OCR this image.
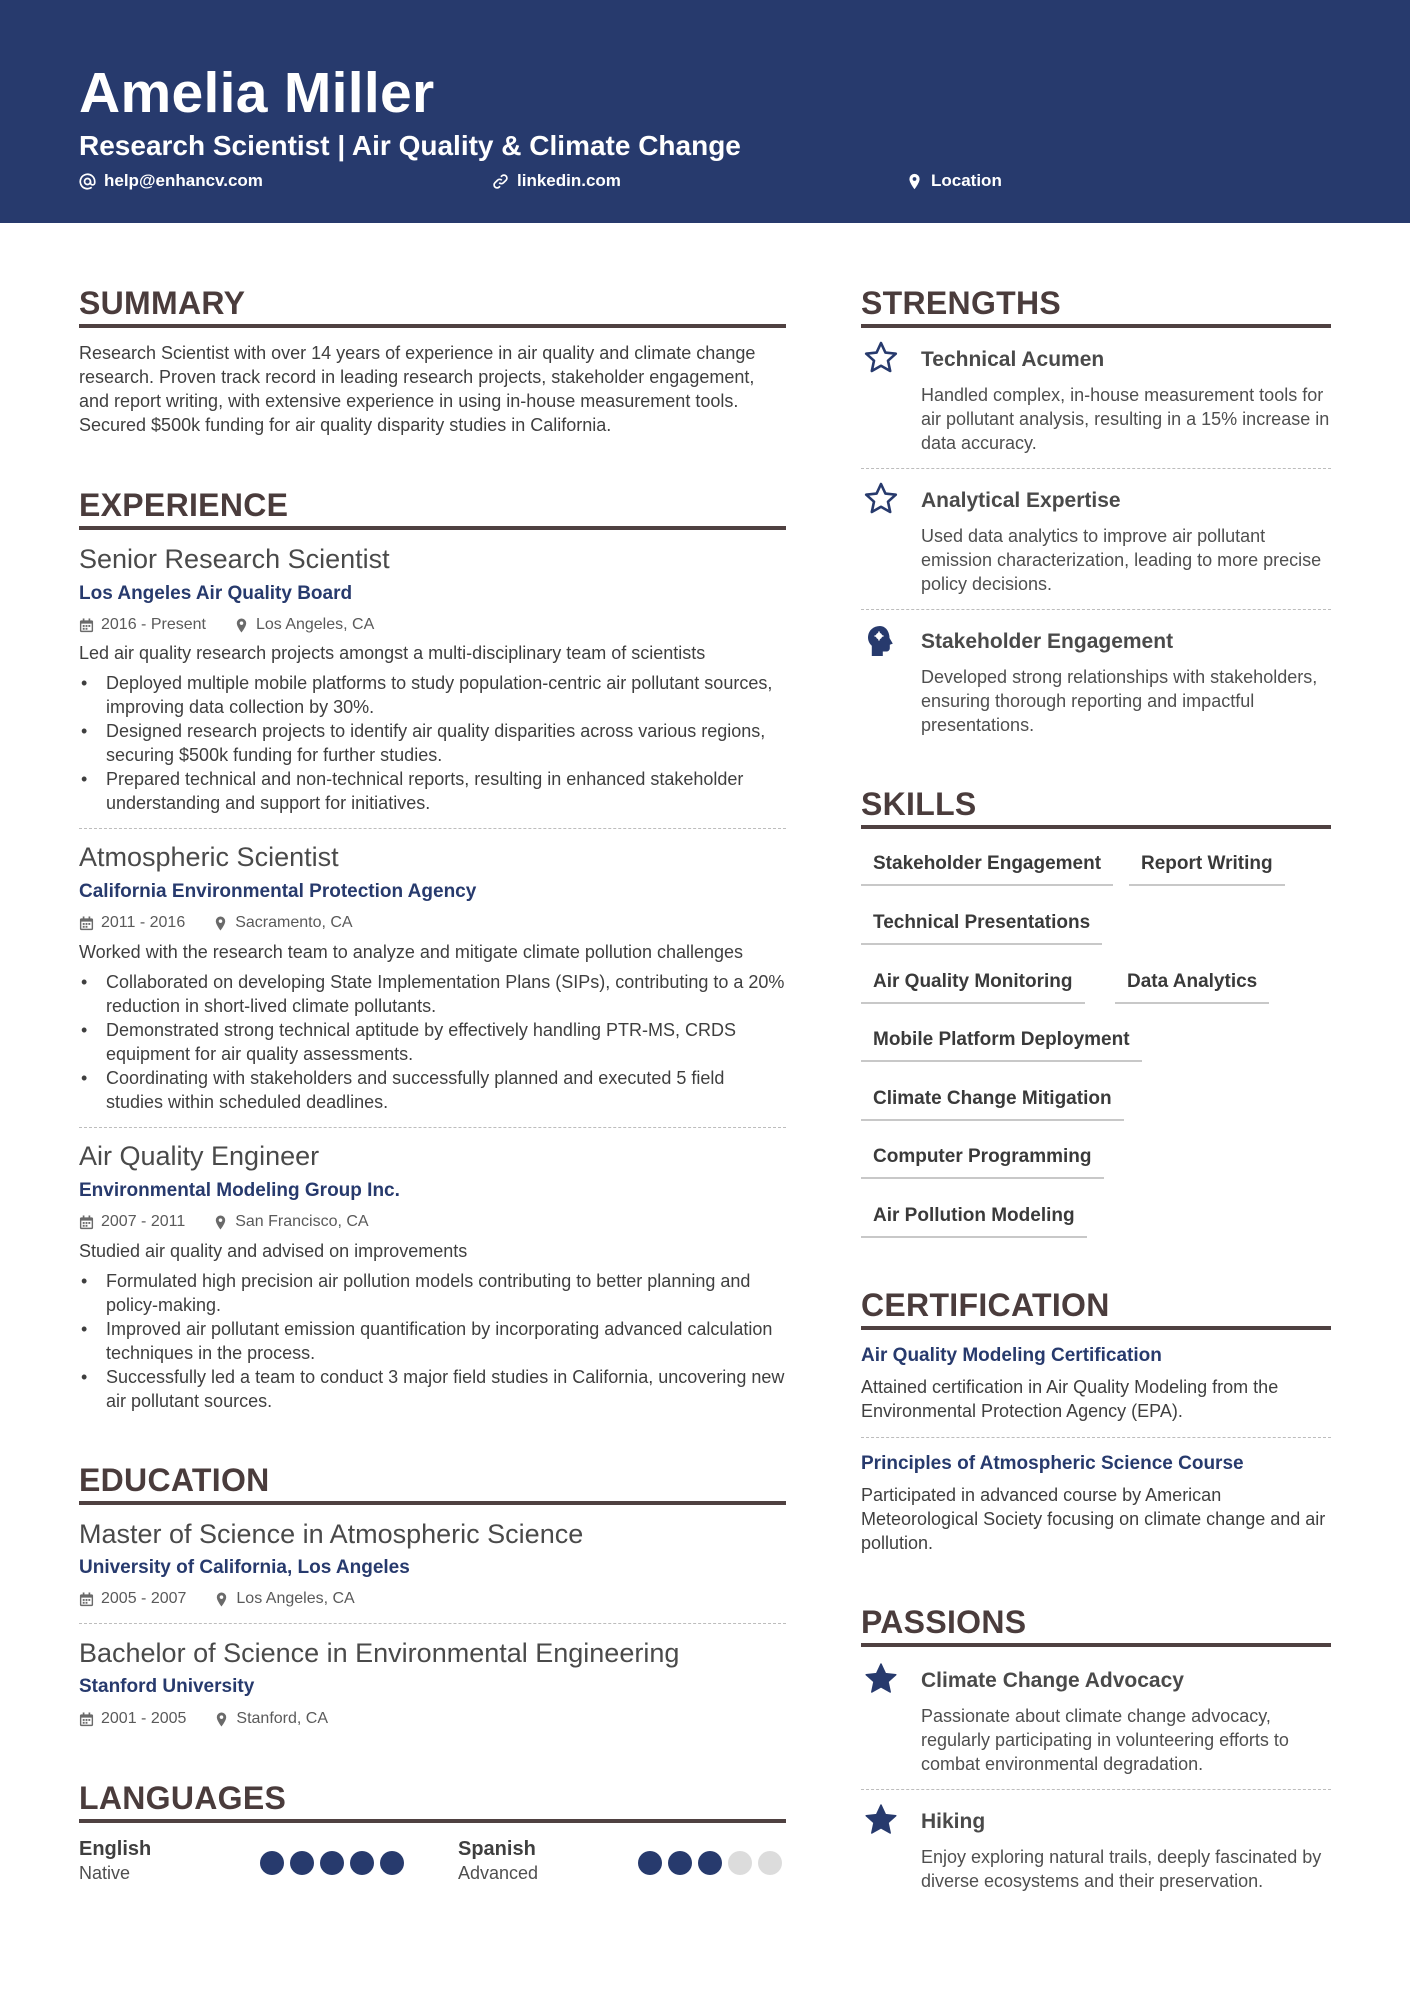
Amelia Miller
Research Scientist | Air Quality & Climate Change
help@enhancv.com	linkedin.com	Location
SUMMARY
Research Scientist with over 14 years of experience in air quality and climate change research. Proven track record in leading research projects, stakeholder engagement, and report writing, with extensive experience in using in-house measurement tools. Secured $500k funding for air quality disparity studies in California.
EXPERIENCE
Senior Research Scientist
Los Angeles Air Quality Board
2016 - Present	Los Angeles, CA
Led air quality research projects amongst a multi-disciplinary team of scientists
• Deployed multiple mobile platforms to study population-centric air pollutant sources, improving data collection by 30%.
• Designed research projects to identify air quality disparities across various regions, securing $500k funding for further studies.
• Prepared technical and non-technical reports, resulting in enhanced stakeholder understanding and support for initiatives.
Atmospheric Scientist
California Environmental Protection Agency
2011 - 2016	Sacramento, CA
Worked with the research team to analyze and mitigate climate pollution challenges
• Collaborated on developing State Implementation Plans (SIPs), contributing to a 20% reduction in short-lived climate pollutants.
• Demonstrated strong technical aptitude by effectively handling PTR-MS, CRDS equipment for air quality assessments.
• Coordinating with stakeholders and successfully planned and executed 5 field studies within scheduled deadlines.
Air Quality Engineer
Environmental Modeling Group Inc.
2007 - 2011	San Francisco, CA
Studied air quality and advised on improvements
• Formulated high precision air pollution models contributing to better planning and policy-making.
• Improved air pollutant emission quantification by incorporating advanced calculation techniques in the process.
• Successfully led a team to conduct 3 major field studies in California, uncovering new air pollutant sources.
EDUCATION
Master of Science in Atmospheric Science
University of California, Los Angeles
2005 - 2007	Los Angeles, CA
Bachelor of Science in Environmental Engineering
Stanford University
2001 - 2005	Stanford, CA
LANGUAGES
English
Native
Spanish
Advanced
STRENGTHS
Technical Acumen
Handled complex, in-house measurement tools for air pollutant analysis, resulting in a 15% increase in data accuracy.
Analytical Expertise
Used data analytics to improve air pollutant emission characterization, leading to more precise policy decisions.
Stakeholder Engagement
Developed strong relationships with stakeholders, ensuring thorough reporting and impactful presentations.
SKILLS
Stakeholder Engagement	Report Writing
Technical Presentations
Air Quality Monitoring	Data Analytics
Mobile Platform Deployment
Climate Change Mitigation
Computer Programming
Air Pollution Modeling
CERTIFICATION
Air Quality Modeling Certification
Attained certification in Air Quality Modeling from the Environmental Protection Agency (EPA).
Principles of Atmospheric Science Course
Participated in advanced course by American Meteorological Society focusing on climate change and air pollution.
PASSIONS
Climate Change Advocacy
Passionate about climate change advocacy, regularly participating in volunteering efforts to combat environmental degradation.
Hiking
Enjoy exploring natural trails, deeply fascinated by diverse ecosystems and their preservation.
